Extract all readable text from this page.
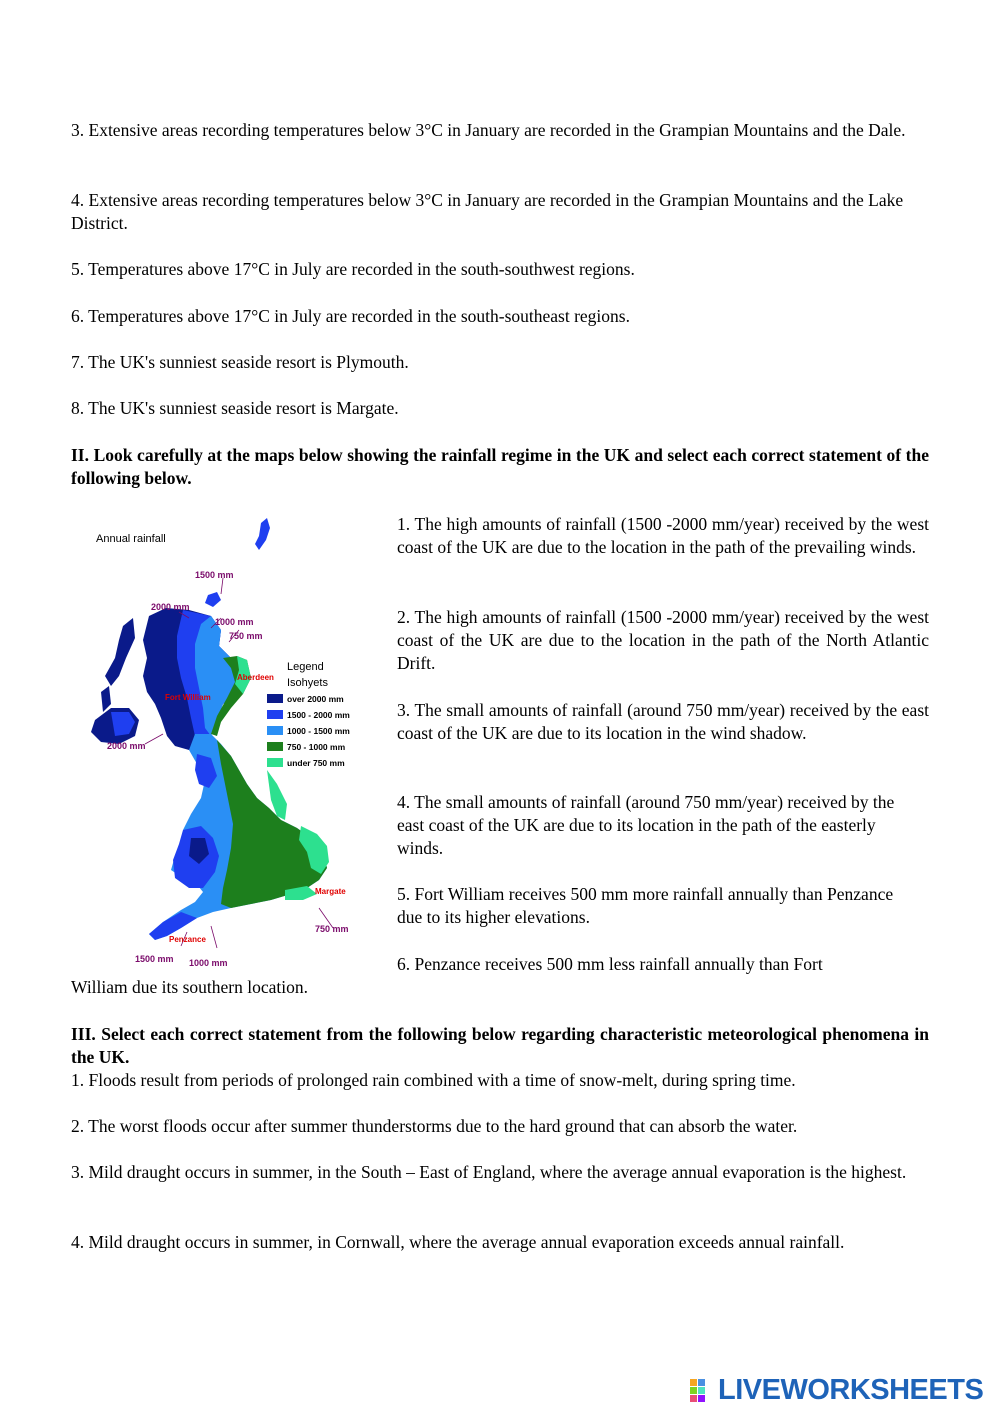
3. Extensive areas recording temperatures below 3°C in January are recorded in the Grampian Mountains and the Dale.

4. Extensive areas recording temperatures below 3°C in January are recorded in the Grampian Mountains and the Lake District.

5. Temperatures above 17°C in July are recorded in the south-southwest regions.

6. Temperatures above 17°C in July are recorded in the south-southeast regions.

7. The UK's sunniest seaside resort is Plymouth.

8. The UK's sunniest seaside resort is Margate.

II. Look carefully at the maps below showing the rainfall regime in the UK and select each correct statement of the following below.

Annual rainfall
1500 mm
2000 mm
1000 mm
750 mm
2000 mm
750 mm
1500 mm 1000 mm
Aberdeen
Fort William
Margate
Penzance
Legend
Isohyets
over 2000 mm
1500 - 2000 mm
1000 - 1500 mm
750 - 1000 mm
under 750 mm

1. The high amounts of rainfall (1500 -2000 mm/year) received by the west coast of the UK are due to the location in the path of the prevailing winds.

2. The high amounts of rainfall (1500 -2000 mm/year) received by the west coast of the UK are due to the location in the path of the North Atlantic Drift.

3. The small amounts of rainfall (around 750 mm/year) received by the east coast of the UK are due to its location in the wind shadow.

4. The small amounts of rainfall (around 750 mm/year) received by the east coast of the UK are due to its location in the path of the easterly winds.

5. Fort William receives 500 mm more rainfall annually than Penzance due to its higher elevations.

6. Penzance receives 500 mm less rainfall annually than Fort

William due its southern location.

III. Select each correct statement from the following below regarding characteristic meteorological phenomena in the UK.

1. Floods result from periods of prolonged rain combined with a time of snow-melt, during spring time.

2. The worst floods occur after summer thunderstorms due to the hard ground that can absorb the water.

3. Mild draught occurs in summer, in the South – East of England, where the average annual evaporation is the highest.

4. Mild draught occurs in summer, in Cornwall, where the average annual evaporation exceeds annual rainfall.

LIVEWORKSHEETS
